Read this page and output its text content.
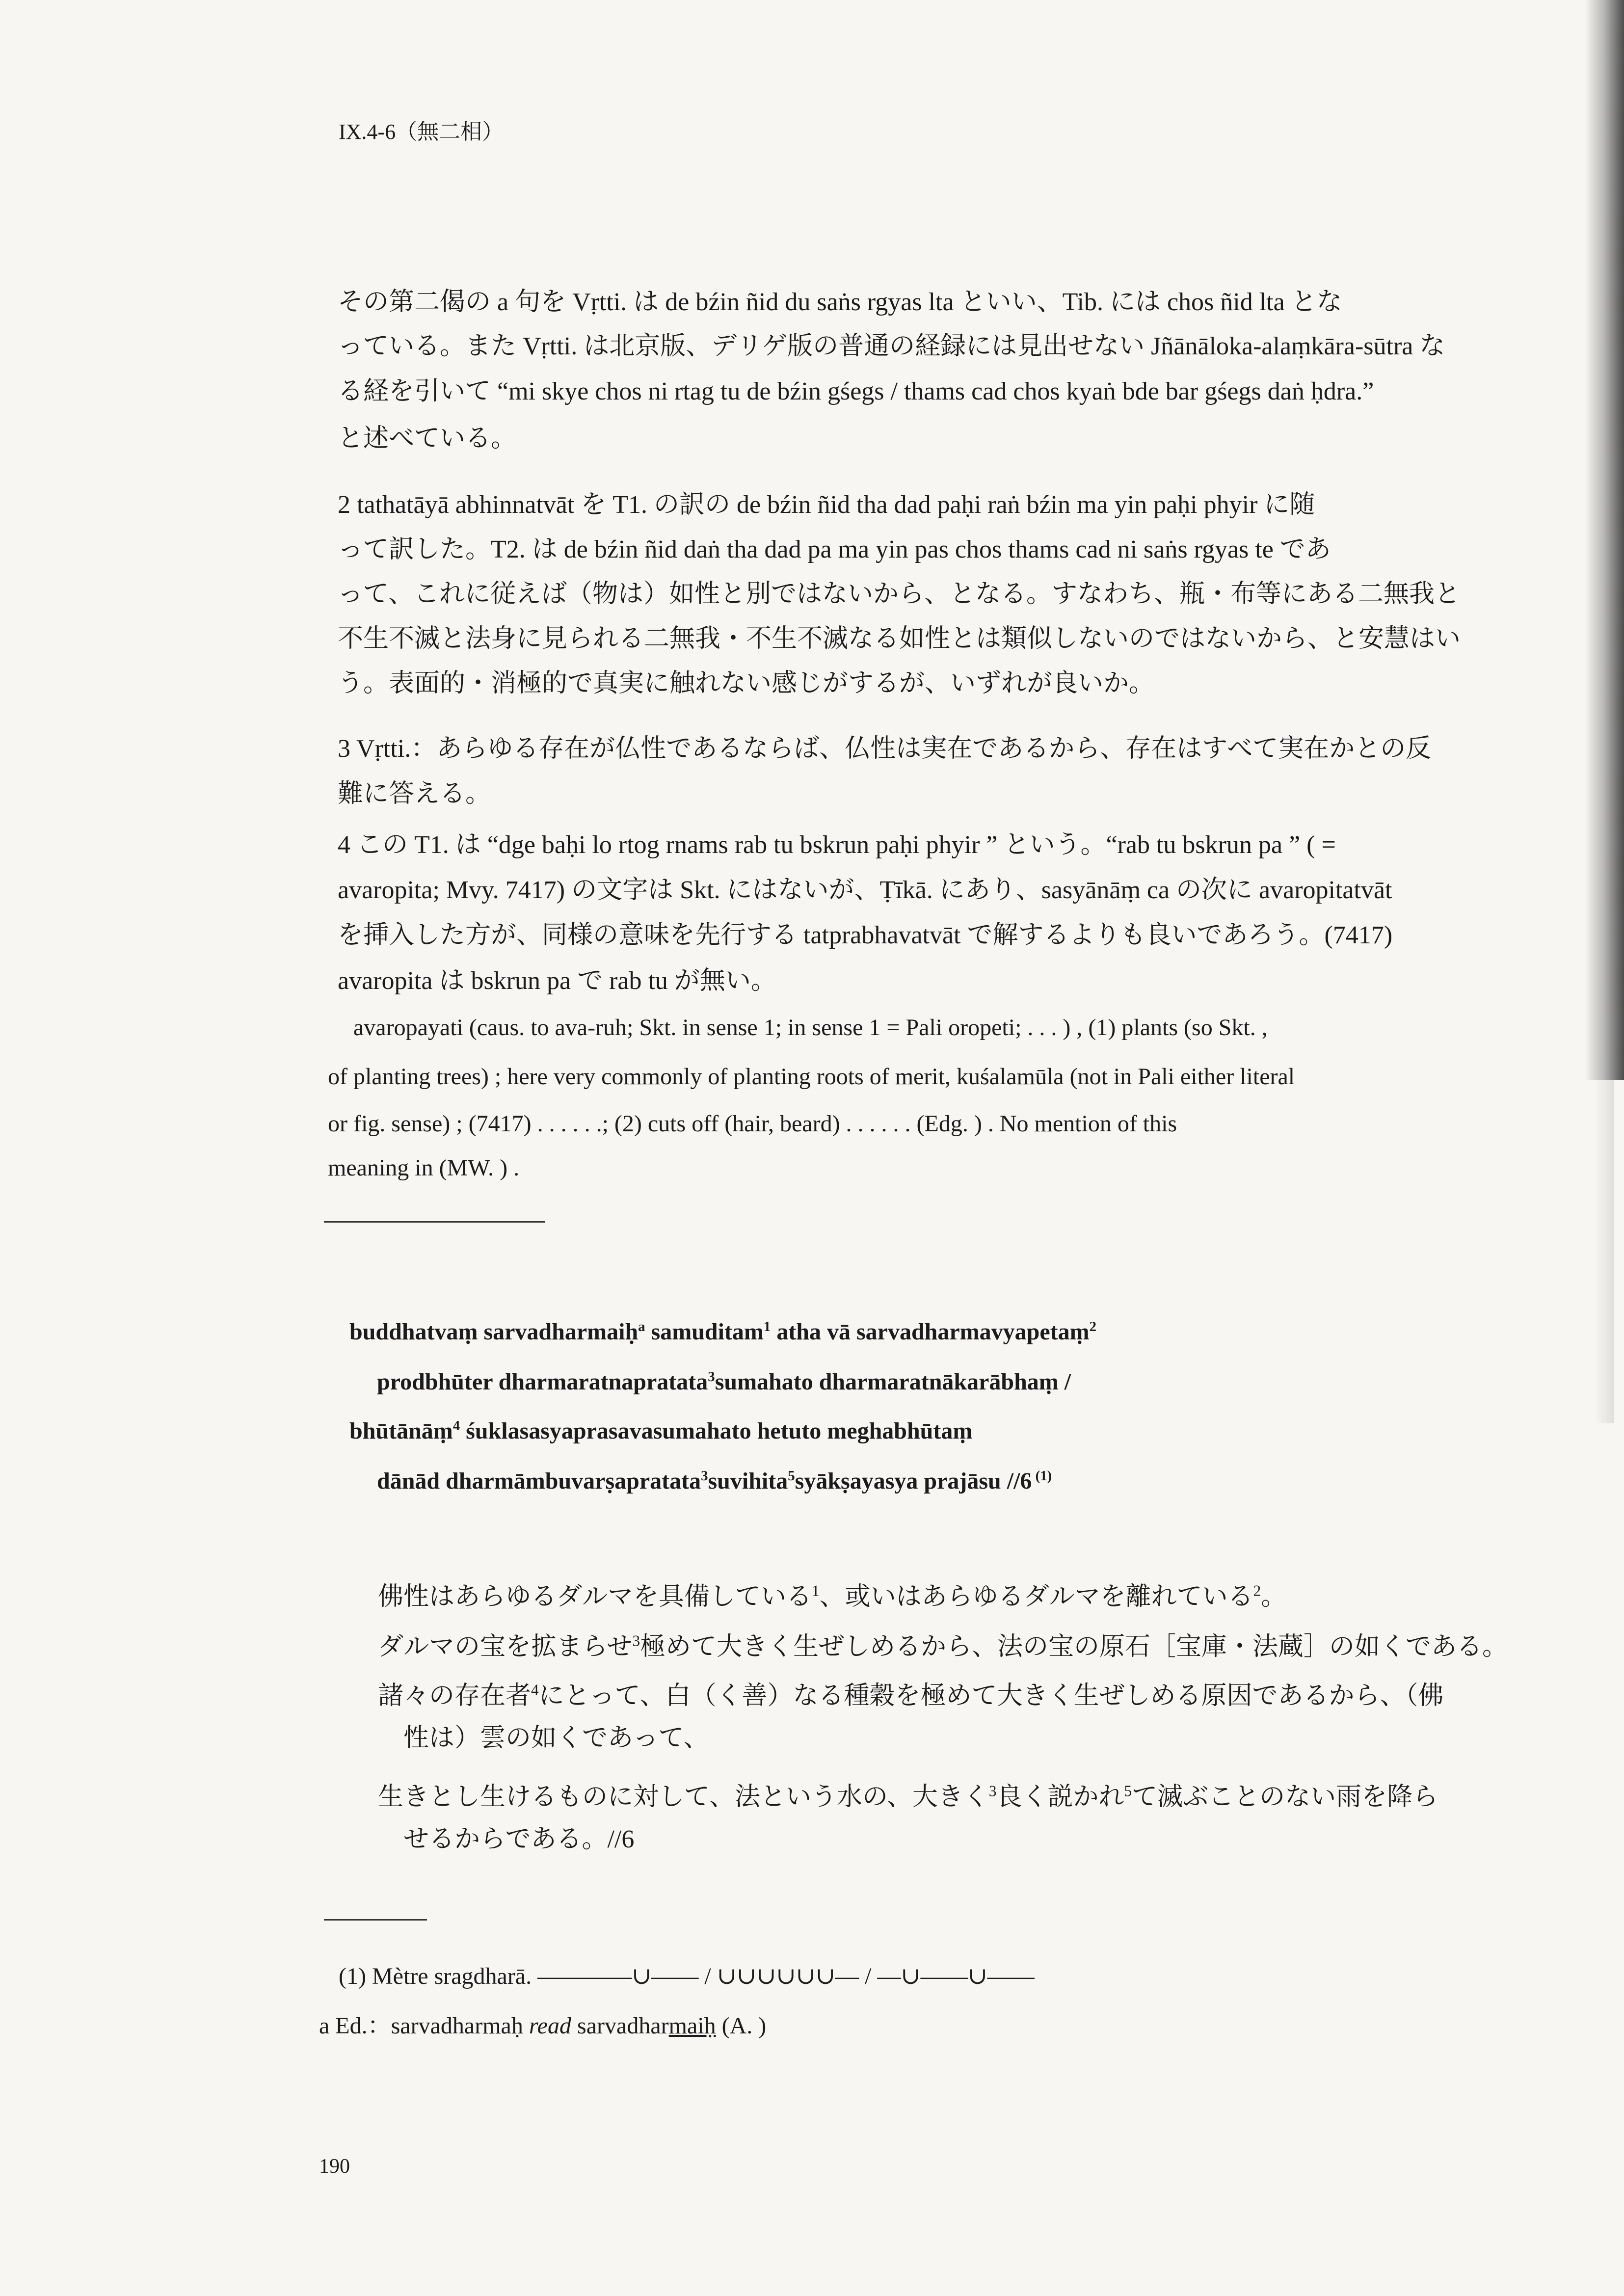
IX.4-6（無二相）
その第二偈の a 句を Vṛtti. は de bźin ñid du saṅs rgyas lta といい、Tib. には chos ñid lta とな
っている。また Vṛtti. は北京版、デリゲ版の普通の経録には見出せない Jñānāloka-alaṃkāra-sūtra な
る経を引いて “mi skye chos ni rtag tu de bźin gśegs / thams cad chos kyaṅ bde bar gśegs daṅ ḥdra.”
と述べている。
2 tathatāyā abhinnatvāt を T1. の訳の de bźin ñid tha dad paḥi raṅ bźin ma yin paḥi phyir に随
って訳した。T2. は de bźin ñid daṅ tha dad pa ma yin pas chos thams cad ni saṅs rgyas te であ
って、これに従えば（物は）如性と別ではないから、となる。すなわち、瓶・布等にある二無我と
不生不滅と法身に見られる二無我・不生不滅なる如性とは類似しないのではないから、と安慧はい
う。表面的・消極的で真実に触れない感じがするが、いずれが良いか。
3 Vṛtti.：あらゆる存在が仏性であるならば、仏性は実在であるから、存在はすべて実在かとの反
難に答える。
4 この T1. は “dge baḥi lo rtog rnams rab tu bskrun paḥi phyir ” という。“rab tu bskrun pa ” ( =
avaropita; Mvy. 7417) の文字は Skt. にはないが、Ṭīkā. にあり、sasyānāṃ ca の次に avaropitatvāt
を挿入した方が、同様の意味を先行する tatprabhavatvāt で解するよりも良いであろう。(7417)
avaropita は bskrun pa で rab tu が無い。
avaropayati (caus. to ava-ruh; Skt. in sense 1; in sense 1 = Pali oropeti; . . . ) , (1) plants (so Skt. ,
of planting trees) ; here very commonly of planting roots of merit, kuśalamūla (not in Pali either literal
or fig. sense) ; (7417) . . . . . .; (2) cuts off (hair, beard) . . . . . . (Edg. ) . No mention of this
meaning in (MW. ) .
buddhatvaṃ sarvadharmaiḥ$^a$ samuditam$^1$ atha vā sarvadharmavyapetaṃ$^2$
prodbhūter dharmaratnapratata$^3$sumahato dharmaratnākarābhaṃ /
bhūtānāṃ$^4$ śuklasasyaprasavasumahato hetuto meghabhūtaṃ
dānād dharmāmbuvarṣapratata$^3$suvihita$^5$syākṣayasya prajāsu //6 $^{(1)}$
佛性はあらゆるダルマを具備している$^1$、或いはあらゆるダルマを離れている$^2$。
ダルマの宝を拡まらせ$^3$極めて大きく生ぜしめるから、法の宝の原石［宝庫・法蔵］の如くである。
諸々の存在者$^4$にとって、白（く善）なる種穀を極めて大きく生ぜしめる原因であるから、（佛
性は）雲の如くであって、
生きとし生けるものに対して、法という水の、大きく$^3$良く説かれ$^5$て滅ぶことのない雨を降ら
せるからである。//6
(1) Mètre sragdharā. ————∪—— / ∪∪∪∪∪∪— / —∪——∪——
a Ed.：sarvadharmaḥ read sarvadharmaiḥ (A. )
190
